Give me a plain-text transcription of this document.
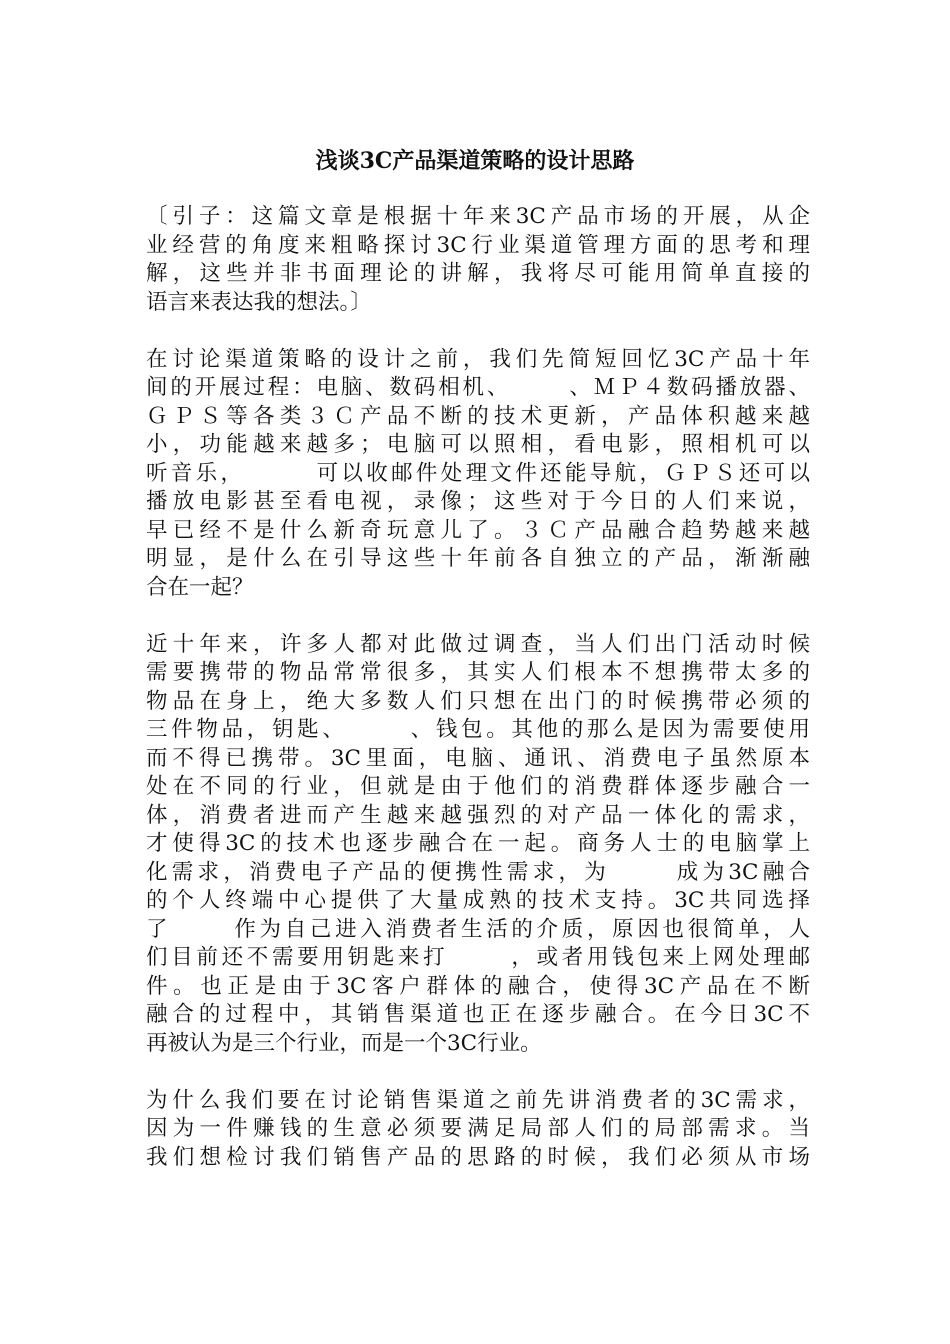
浅谈3C产品渠道策略的设计思路
〔引子：这篇文章是根据十年来3C产品市场的开展，从企
业经营的角度来粗略探讨3C行业渠道管理方面的思考和理
解，这些并非书面理论的讲解，我将尽可能用简单直接的
语言来表达我的想法。〕
在讨论渠道策略的设计之前，我们先简短回忆3C产品十年
间的开展过程：电脑、数码相机、      、ＭＰ４数码播放器、
ＧＰＳ等各类３Ｃ产品不断的技术更新，产品体积越来越
小，功能越来越多；电脑可以照相，看电影，照相机可以
听音乐，       可以收邮件处理文件还能导航，ＧＰＳ还可以
播放电影甚至看电视，录像；这些对于今日的人们来说，
早已经不是什么新奇玩意儿了。３Ｃ产品融合趋势越来越
明显，是什么在引导这些十年前各自独立的产品，渐渐融
合在一起？
近十年来，许多人都对此做过调查，当人们出门活动时候
需要携带的物品常常很多，其实人们根本不想携带太多的
物品在身上，绝大多数人们只想在出门的时候携带必须的
三件物品，钥匙、      、钱包。其他的那么是因为需要使用
而不得已携带。3C里面，电脑、通讯、消费电子虽然原本
处在不同的行业，但就是由于他们的消费群体逐步融合一
体，消费者进而产生越来越强烈的对产品一体化的需求，
才使得3C的技术也逐步融合在一起。商务人士的电脑掌上
化需求，消费电子产品的便携性需求，为      成为3C融合
的个人终端中心提供了大量成熟的技术支持。3C共同选择
了      作为自己进入消费者生活的介质，原因也很简单，人
们目前还不需要用钥匙来打      ，或者用钱包来上网处理邮
件。也正是由于3C客户群体的融合，使得3C产品在不断
融合的过程中，其销售渠道也正在逐步融合。在今日3C不
再被认为是三个行业，而是一个3C行业。
为什么我们要在讨论销售渠道之前先讲消费者的3C需求，
因为一件赚钱的生意必须要满足局部人们的局部需求。当
我们想检讨我们销售产品的思路的时候，我们必须从市场
